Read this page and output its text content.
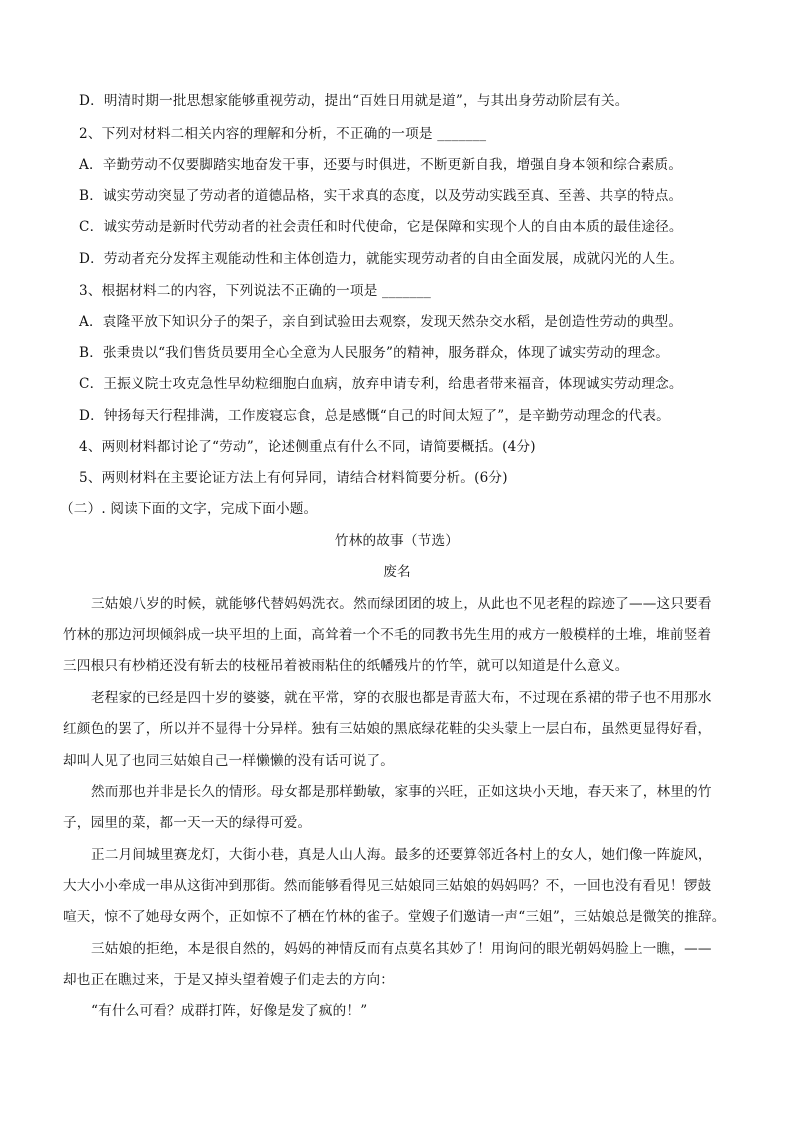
D．明清时期一批思想家能够重视劳动，提出“百姓日用就是道”，与其出身劳动阶层有关。
2、下列对材料二相关内容的理解和分析，不正确的一项是 _______
A．辛勤劳动不仅要脚踏实地奋发干事，还要与时俱进，不断更新自我，增强自身本领和综合素质。
B．诚实劳动突显了劳动者的道德品格，实干求真的态度，以及劳动实践至真、至善、共享的特点。
C．诚实劳动是新时代劳动者的社会责任和时代使命，它是保障和实现个人的自由本质的最佳途径。
D．劳动者充分发挥主观能动性和主体创造力，就能实现劳动者的自由全面发展，成就闪光的人生。
3、根据材料二的内容，下列说法不正确的一项是 _______
A．袁隆平放下知识分子的架子，亲自到试验田去观察，发现天然杂交水稻，是创造性劳动的典型。
B．张秉贵以“我们售货员要用全心全意为人民服务”的精神，服务群众，体现了诚实劳动的理念。
C．王振义院士攻克急性早幼粒细胞白血病，放弃申请专利，给患者带来福音，体现诚实劳动理念。
D．钟扬每天行程排满，工作废寝忘食，总是感慨“自己的时间太短了”，是辛勤劳动理念的代表。
4、两则材料都讨论了“劳动”，论述侧重点有什么不同，请简要概括。(4分)
5、两则材料在主要论证方法上有何异同，请结合材料简要分析。(6分)
（二）. 阅读下面的文字，完成下面小题。
竹林的故事（节选）
废名
三姑娘八岁的时候，就能够代替妈妈洗衣。然而绿团团的坡上，从此也不见老程的踪迹了——这只要看
竹林的那边河坝倾斜成一块平坦的上面，高耸着一个不毛的同教书先生用的戒方一般模样的土堆，堆前竖着
三四根只有杪梢还没有斩去的枝桠吊着被雨粘住的纸幡残片的竹竿，就可以知道是什么意义。
老程家的已经是四十岁的婆婆，就在平常，穿的衣服也都是青蓝大布，不过现在系裙的带子也不用那水
红颜色的罢了，所以并不显得十分异样。独有三姑娘的黑底绿花鞋的尖头蒙上一层白布，虽然更显得好看，
却叫人见了也同三姑娘自己一样懒懒的没有话可说了。
然而那也并非是长久的情形。母女都是那样勤敏，家事的兴旺，正如这块小天地，春天来了，林里的竹
子，园里的菜，都一天一天的绿得可爱。
正二月间城里赛龙灯，大街小巷，真是人山人海。最多的还要算邻近各村上的女人，她们像一阵旋风，
大大小小牵成一串从这街冲到那街。然而能够看得见三姑娘同三姑娘的妈妈吗？不，一回也没有看见！锣鼓
喧天，惊不了她母女两个，正如惊不了栖在竹林的雀子。堂嫂子们邀请一声“三姐”，三姑娘总是微笑的推辞。
三姑娘的拒绝，本是很自然的，妈妈的神情反而有点莫名其妙了！用询问的眼光朝妈妈脸上一瞧，——
却也正在瞧过来，于是又掉头望着嫂子们走去的方向：
“有什么可看？成群打阵，好像是发了疯的！”
